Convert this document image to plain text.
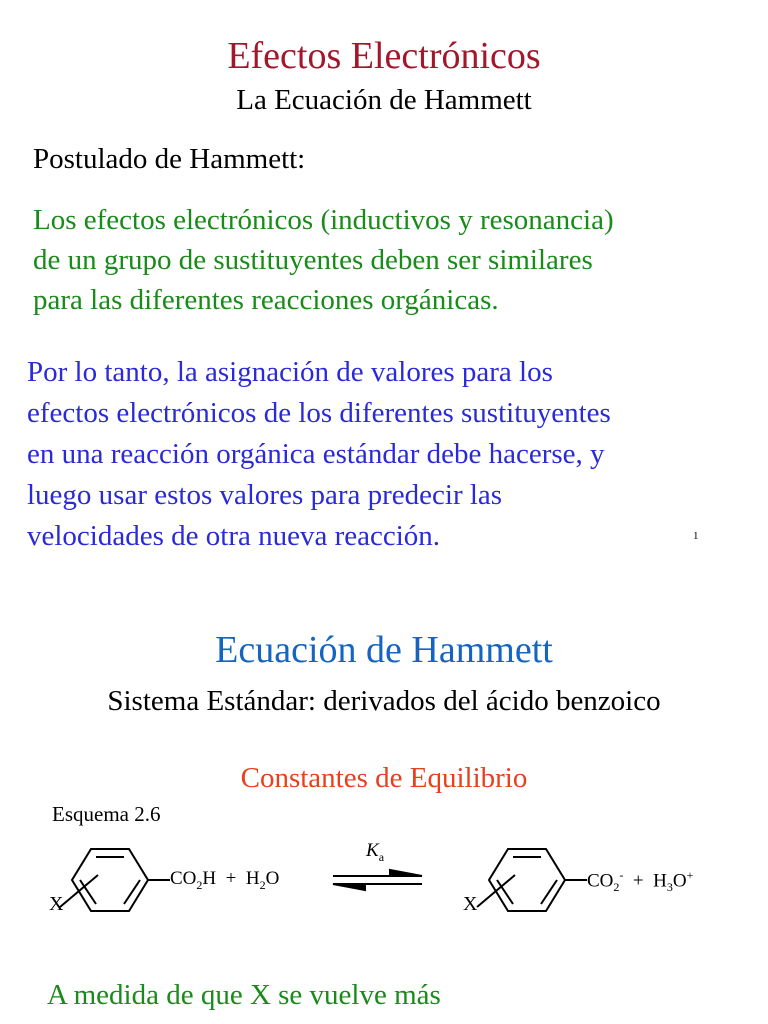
Efectos Electrónicos
La Ecuación de Hammett
Postulado de Hammett:
Los efectos electrónicos (inductivos y resonancia)
de un grupo de sustituyentes deben ser similares
para las diferentes reacciones orgánicas.
Por lo tanto, la asignación de valores para los
efectos electrónicos de los diferentes sustituyentes
en una reacción orgánica estándar debe hacerse, y
luego usar estos valores para predecir las
velocidades de otra nueva reacción.	1
Ecuación de Hammett
Sistema Estándar: derivados del ácido benzoico
Constantes de Equilibrio
Esquema 2.6
X	X
$K_a$
$CO_2H + H_2O$	$CO_2^- + H_3O^+$
A medida de que X se vuelve más
